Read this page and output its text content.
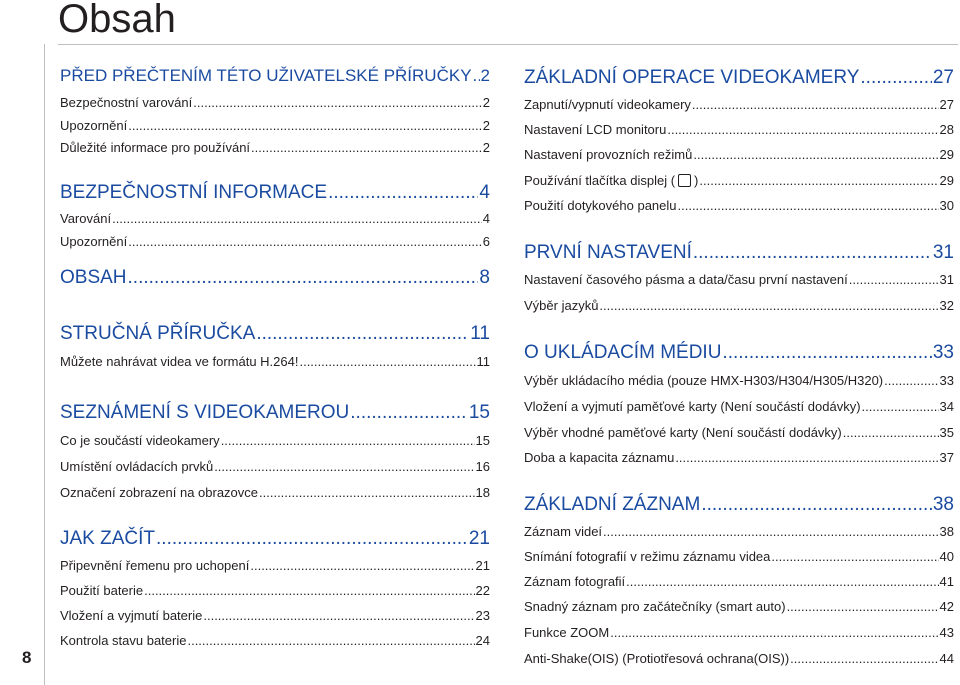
Obsah
8
PŘED PŘEČTENÍM TÉTO UŽIVATELSKÉ PŘÍRUČKY ..... 2
Bezpečnostní varování .....	2
Upozornění .....	2
Důležité informace pro používání .....	2
BEZPEČNOSTNÍ INFORMACE .....	4
Varování .....	4
Upozornění .....	6
OBSAH .....	8
STRUČNÁ PŘÍRUČKA .....	11
Můžete nahrávat videa ve formátu H.264! .....	11
SEZNÁMENÍ S VIDEOKAMEROU .....	15
Co je součástí videokamery .....	15
Umístění ovládacích prvků .....	16
Označení zobrazení na obrazovce .....	18
JAK ZAČÍT .....	21
Připevnění řemenu pro uchopení .....	21
Použití baterie .....	22
Vložení a vyjmutí baterie .....	23
Kontrola stavu baterie .....	24
ZÁKLADNÍ OPERACE VIDEOKAMERY .....	27
Zapnutí/vypnutí videokamery .....	27
Nastavení LCD monitoru .....	28
Nastavení provozních režimů .....	29
Používání tlačítka displej ( ) .....	29
Použití dotykového panelu .....	30
PRVNÍ NASTAVENÍ .....	31
Nastavení časového pásma a data/času první nastavení .....	31
Výběr jazyků .....	32
O UKLÁDACÍM MÉDIU .....	33
Výběr ukládacího média (pouze HMX-H303/H304/H305/H320) .....	33
Vložení a vyjmutí paměťové karty (Není součástí dodávky) .....	34
Výběr vhodné paměťové karty (Není součástí dodávky) .....	35
Doba a kapacita záznamu .....	37
ZÁKLADNÍ ZÁZNAM .....	38
Záznam videí .....	38
Snímání fotografií v režimu záznamu videa .....	40
Záznam fotografií .....	41
Snadný záznam pro začátečníky (smart auto) .....	42
Funkce ZOOM .....	43
Anti-Shake(OIS) (Protiotřesová ochrana(OIS)) .....	44
